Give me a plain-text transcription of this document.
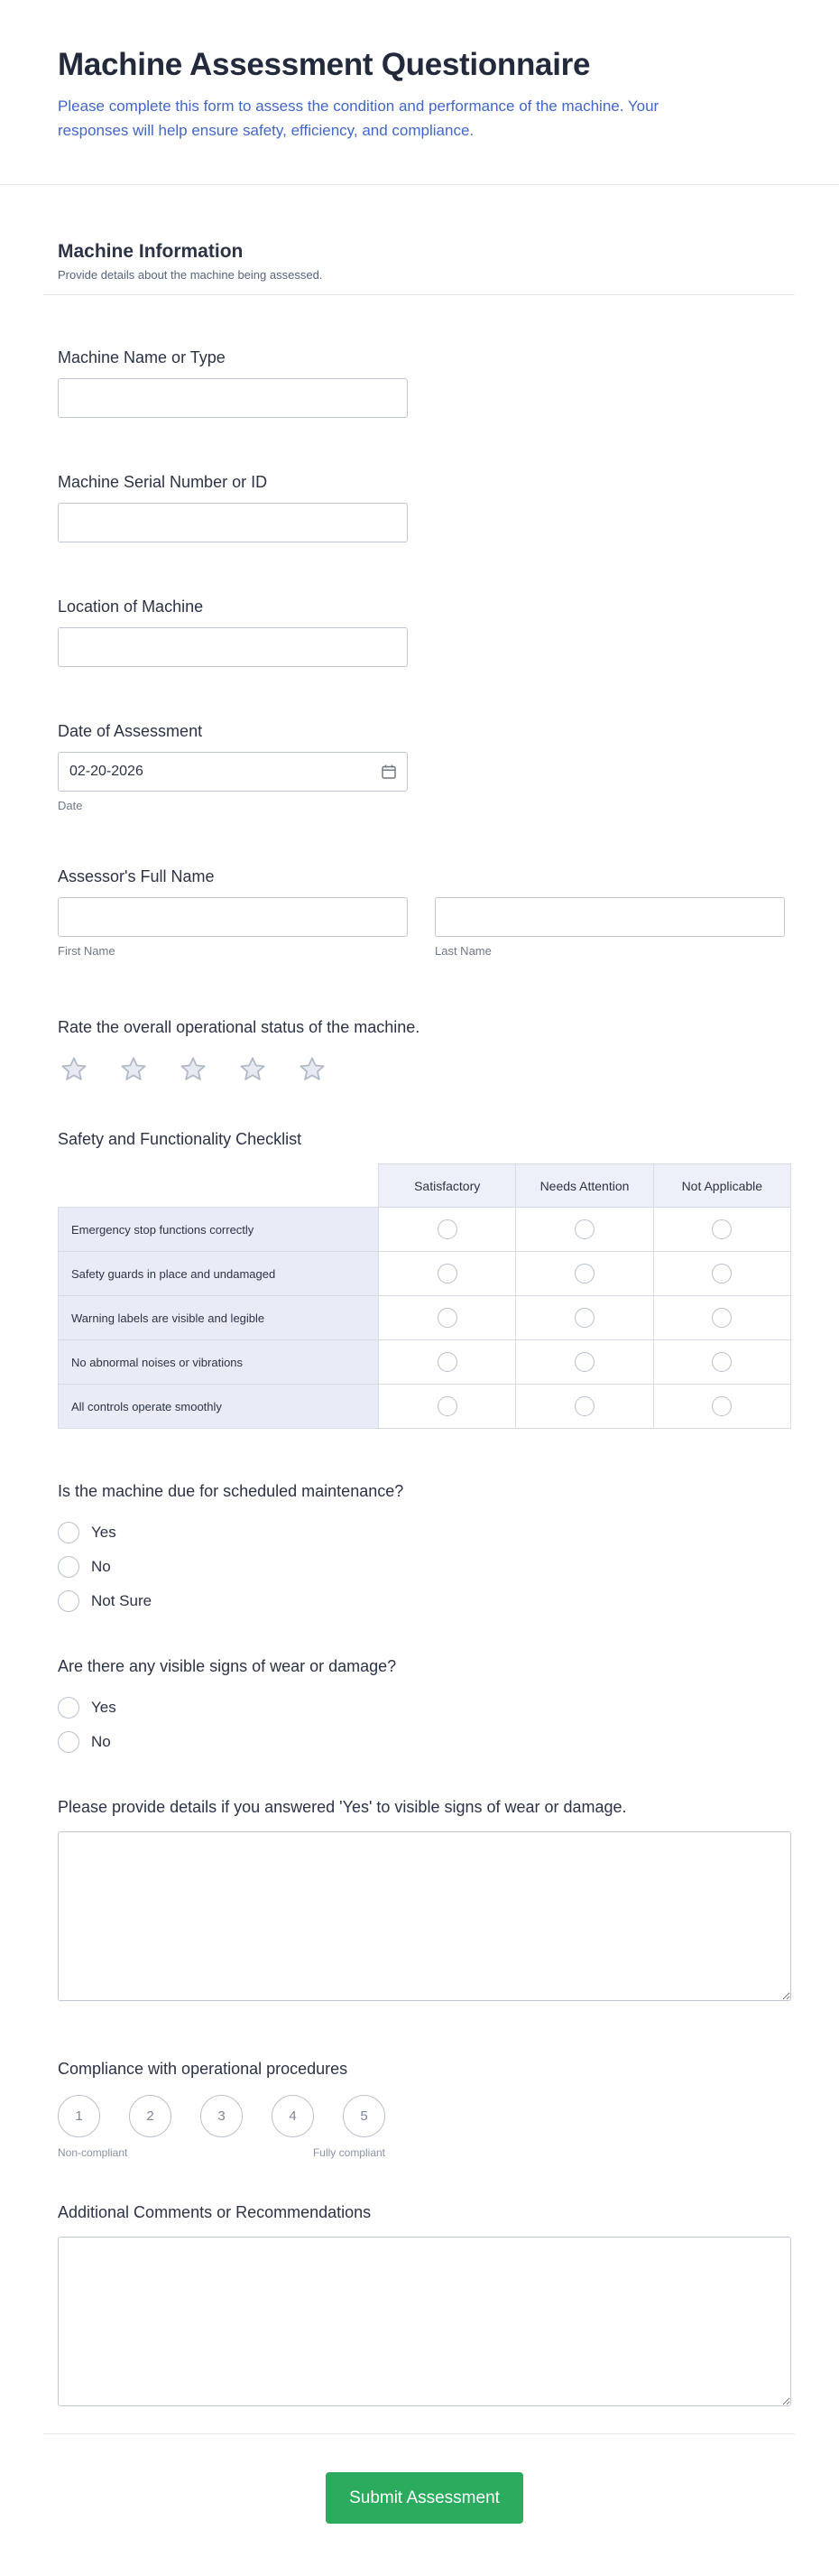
Machine Assessment Questionnaire
Please complete this form to assess the condition and performance of the machine. Your responses will help ensure safety, efficiency, and compliance.
Machine Information
Provide details about the machine being assessed.
Machine Name or Type
Machine Serial Number or ID
Location of Machine
Date of Assessment
02-20-2026
Date
Assessor's Full Name
First Name	Last Name
Rate the overall operational status of the machine.
Safety and Functionality Checklist
	Satisfactory	Needs Attention	Not Applicable
Emergency stop functions correctly			
Safety guards in place and undamaged			
Warning labels are visible and legible			
No abnormal noises or vibrations			
All controls operate smoothly			
Is the machine due for scheduled maintenance?
Yes
No
Not Sure
Are there any visible signs of wear or damage?
Yes
No
Please provide details if you answered 'Yes' to visible signs of wear or damage.
Compliance with operational procedures
1	2	3	4	5
Non-compliant	Fully compliant
Additional Comments or Recommendations
Submit Assessment
